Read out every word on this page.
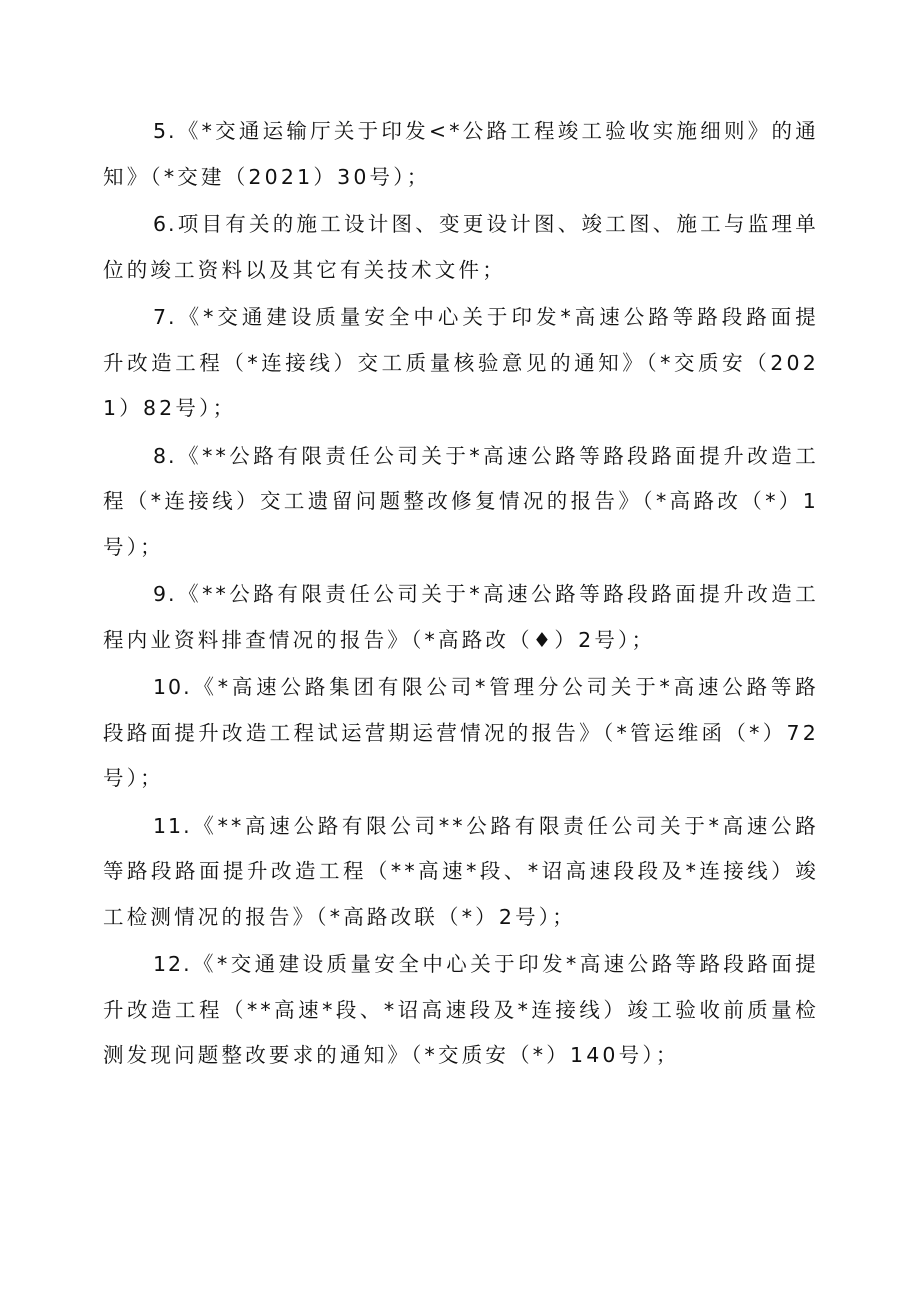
5.《*交通运输厅关于印发<*公路工程竣工验收实施细则》的通知》（*交建（2021）30号）；

6.项目有关的施工设计图、变更设计图、竣工图、施工与监理单位的竣工资料以及其它有关技术文件；

7.《*交通建设质量安全中心关于印发*高速公路等路段路面提升改造工程（*连接线）交工质量核验意见的通知》（*交质安（2021）82号）；

8.《**公路有限责任公司关于*高速公路等路段路面提升改造工程（*连接线）交工遗留问题整改修复情况的报告》（*高路改（*）1号）；

9.《**公路有限责任公司关于*高速公路等路段路面提升改造工程内业资料排查情况的报告》（*高路改（♦）2号）；

10.《*高速公路集团有限公司*管理分公司关于*高速公路等路段路面提升改造工程试运营期运营情况的报告》（*管运维函（*）72号）；

11.《**高速公路有限公司**公路有限责任公司关于*高速公路等路段路面提升改造工程（**高速*段、*诏高速段段及*连接线）竣工检测情况的报告》（*高路改联（*）2号）；

12.《*交通建设质量安全中心关于印发*高速公路等路段路面提升改造工程（**高速*段、*诏高速段及*连接线）竣工验收前质量检测发现问题整改要求的通知》（*交质安（*）140号）；
